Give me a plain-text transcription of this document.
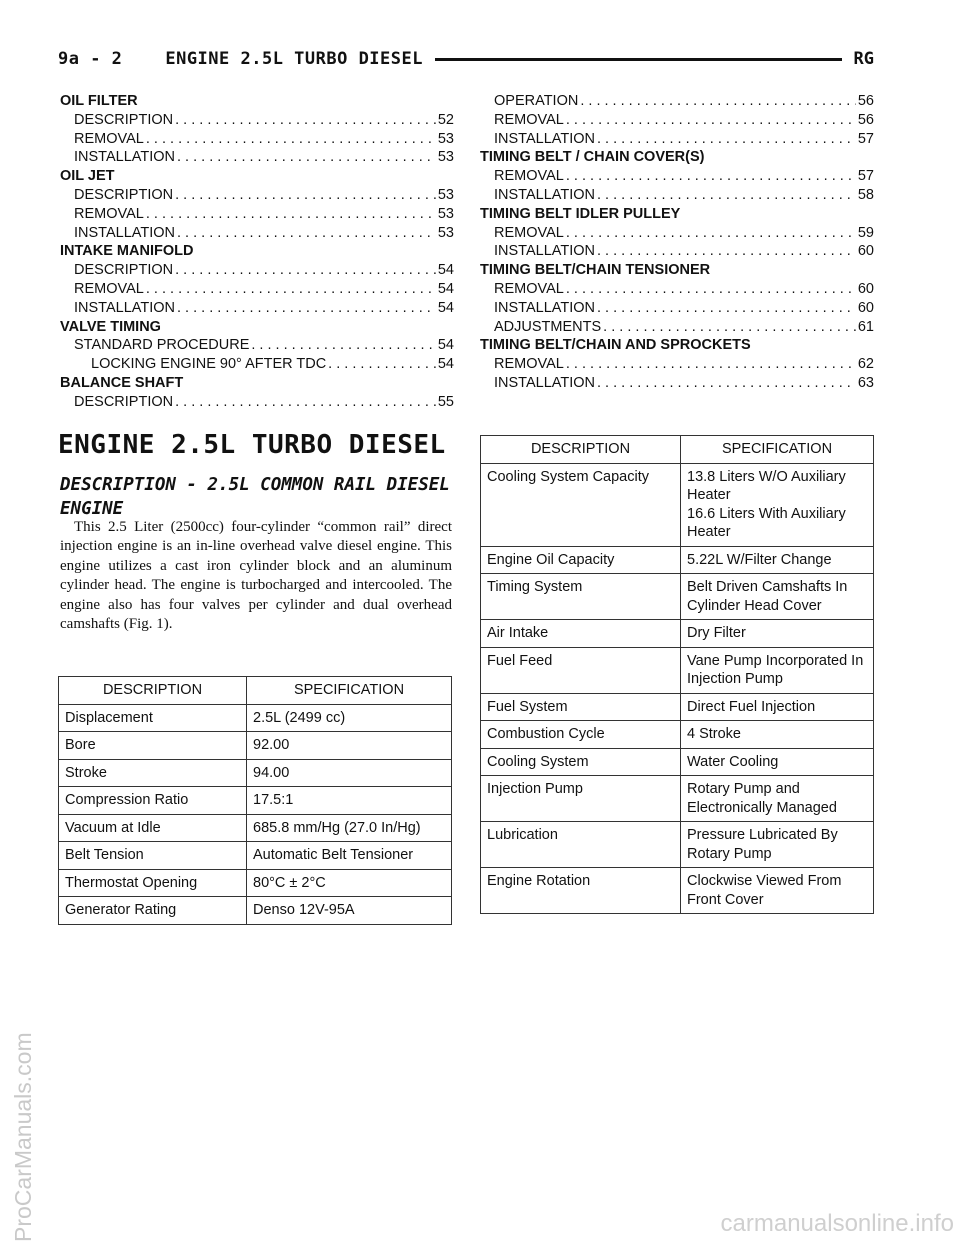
9a - 2    ENGINE 2.5L TURBO DIESEL	RG
OIL FILTER
DESCRIPTION . . .	52
REMOVAL . . .	53
INSTALLATION . . .	53
OIL JET
DESCRIPTION . . .	53
REMOVAL . . .	53
INSTALLATION . . .	53
INTAKE MANIFOLD
DESCRIPTION . . .	54
REMOVAL . . .	54
INSTALLATION . . .	54
VALVE TIMING
STANDARD PROCEDURE . . .	54
LOCKING ENGINE 90° AFTER TDC . . .	54
BALANCE SHAFT
DESCRIPTION . . .	55
OPERATION . . .	56
REMOVAL . . .	56
INSTALLATION . . .	57
TIMING BELT / CHAIN COVER(S)
REMOVAL . . .	57
INSTALLATION . . .	58
TIMING BELT IDLER PULLEY
REMOVAL . . .	59
INSTALLATION . . .	60
TIMING BELT/CHAIN TENSIONER
REMOVAL . . .	60
INSTALLATION . . .	60
ADJUSTMENTS . . .	61
TIMING BELT/CHAIN AND SPROCKETS
REMOVAL . . .	62
INSTALLATION . . .	63
ENGINE 2.5L TURBO DIESEL
DESCRIPTION - 2.5L COMMON RAIL DIESEL ENGINE

This 2.5 Liter (2500cc) four-cylinder “common rail” direct injection engine is an in-line overhead valve diesel engine. This engine utilizes a cast iron cylinder block and an aluminum cylinder head. The engine is turbocharged and intercooled. The engine also has four valves per cylinder and dual overhead camshafts (Fig. 1).

DESCRIPTION	SPECIFICATION
Displacement	2.5L (2499 cc)
Bore	92.00
Stroke	94.00
Compression Ratio	17.5:1
Vacuum at Idle	685.8 mm/Hg (27.0 In/Hg)
Belt Tension	Automatic Belt Tensioner
Thermostat Opening	80°C ± 2°C
Generator Rating	Denso 12V-95A
DESCRIPTION	SPECIFICATION
Cooling System Capacity	13.8 Liters W/O Auxiliary Heater
16.6 Liters With Auxiliary Heater
Engine Oil Capacity	5.22L W/Filter Change
Timing System	Belt Driven Camshafts In Cylinder Head Cover
Air Intake	Dry Filter
Fuel Feed	Vane Pump Incorporated In Injection Pump
Fuel System	Direct Fuel Injection
Combustion Cycle	4 Stroke
Cooling System	Water Cooling
Injection Pump	Rotary Pump and Electronically Managed
Lubrication	Pressure Lubricated By Rotary Pump
Engine Rotation	Clockwise Viewed From Front Cover
ProCarManuals.com	carmanualsonline.info
